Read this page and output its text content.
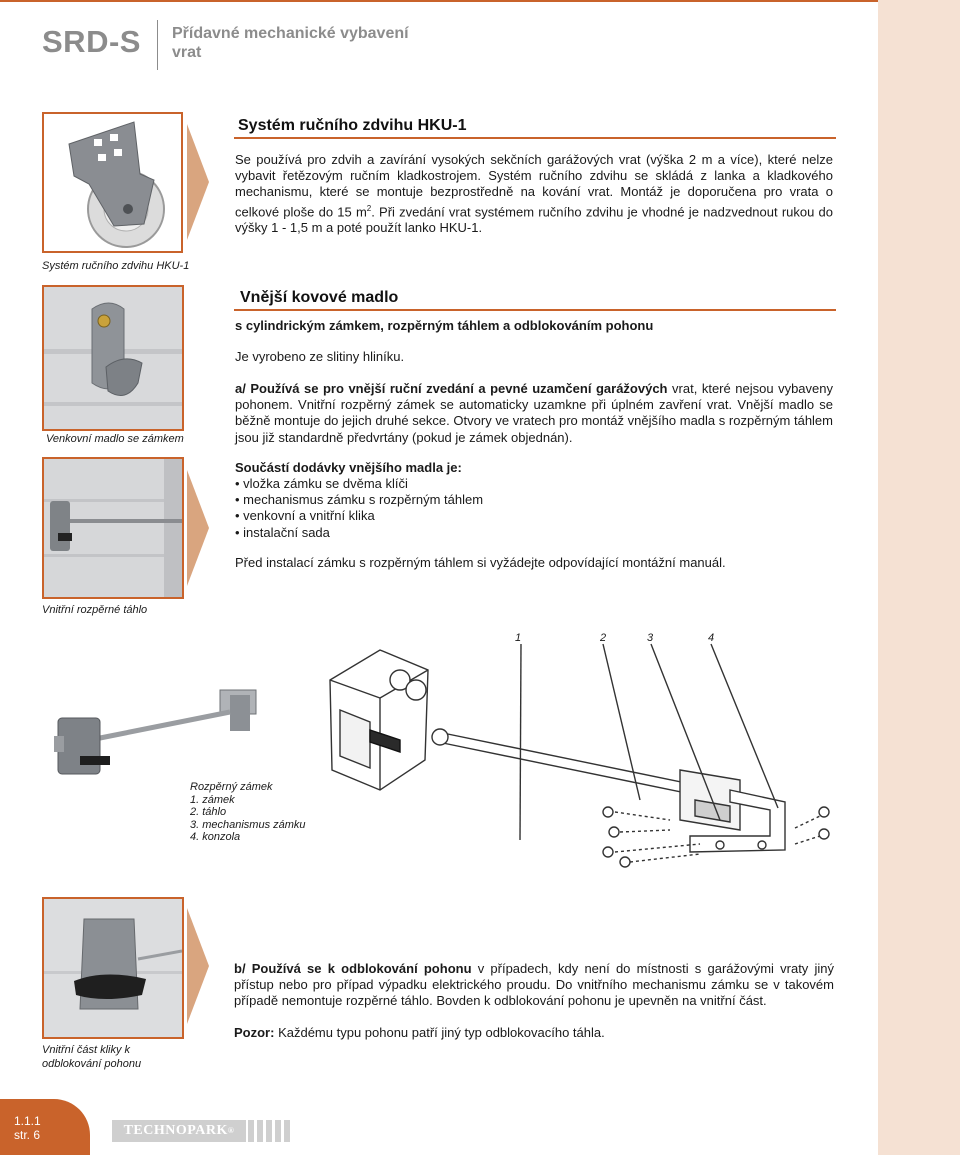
SRD-S Přídavné mechanické vybavení vrat
Systém ručního zdvihu HKU-1
Systém ručního zdvihu HKU-1

Se používá pro zdvih a zavírání vysokých sekčních garážových vrat (výška 2 m a více), které nelze vybavit řetězovým ručním kladkostrojem. Systém ručního zdvihu se skládá z lanka a kladkového mechanismu, které se montuje bezprostředně na kování vrat. Montáž je doporučena pro vrata o celkové ploše do 15 $m^2$. Při zvedání vrat systémem ručního zdvihu je vhodné je nadzvednout rukou do výšky 1 - 1,5 m a poté použít lanko HKU-1.

Venkovní madlo se zámkem
Vnitřní rozpěrné táhlo
Vnější kovové madlo
s cylindrickým zámkem, rozpěrným táhlem a odblokováním pohonu
Je vyrobeno ze slitiny hliníku.

a/ Používá se pro vnější ruční zvedání a pevné uzamčení garážových vrat, které nejsou vybaveny pohonem. Vnitřní rozpěrný zámek se automaticky uzamkne při úplném zavření vrat. Vnější madlo se běžně montuje do jejich druhé sekce. Otvory ve vratech pro montáž vnějšího madla s rozpěrným táhlem jsou již standardně předvrtány (pokud je zámek objednán).

Součástí dodávky vnějšího madla je:
• vložka zámku se dvěma klíči
• mechanismus zámku s rozpěrným táhlem
• venkovní a vnitřní klika
• instalační sada
Před instalací zámku s rozpěrným táhlem si vyžádejte odpovídající montážní manuál.
1	2	3	4
Rozpěrný zámek
1. zámek
2. táhlo
3. mechanismus zámku
4. konzola
Vnitřní část kliky k odblokování pohonu

b/ Používá se k odblokování pohonu v případech, kdy není do místnosti s garážovými vraty jiný přístup nebo pro případ výpadku elektrického proudu. Do vnitřního mechanismu zámku se v takovém případě nemontuje rozpěrné táhlo. Bovden k odblokování pohonu je upevněn na vnitřní část.

Pozor: Každému typu pohonu patří jiný typ odblokovacího táhla.

1.1.1
str. 6	TECHNOPARK®
